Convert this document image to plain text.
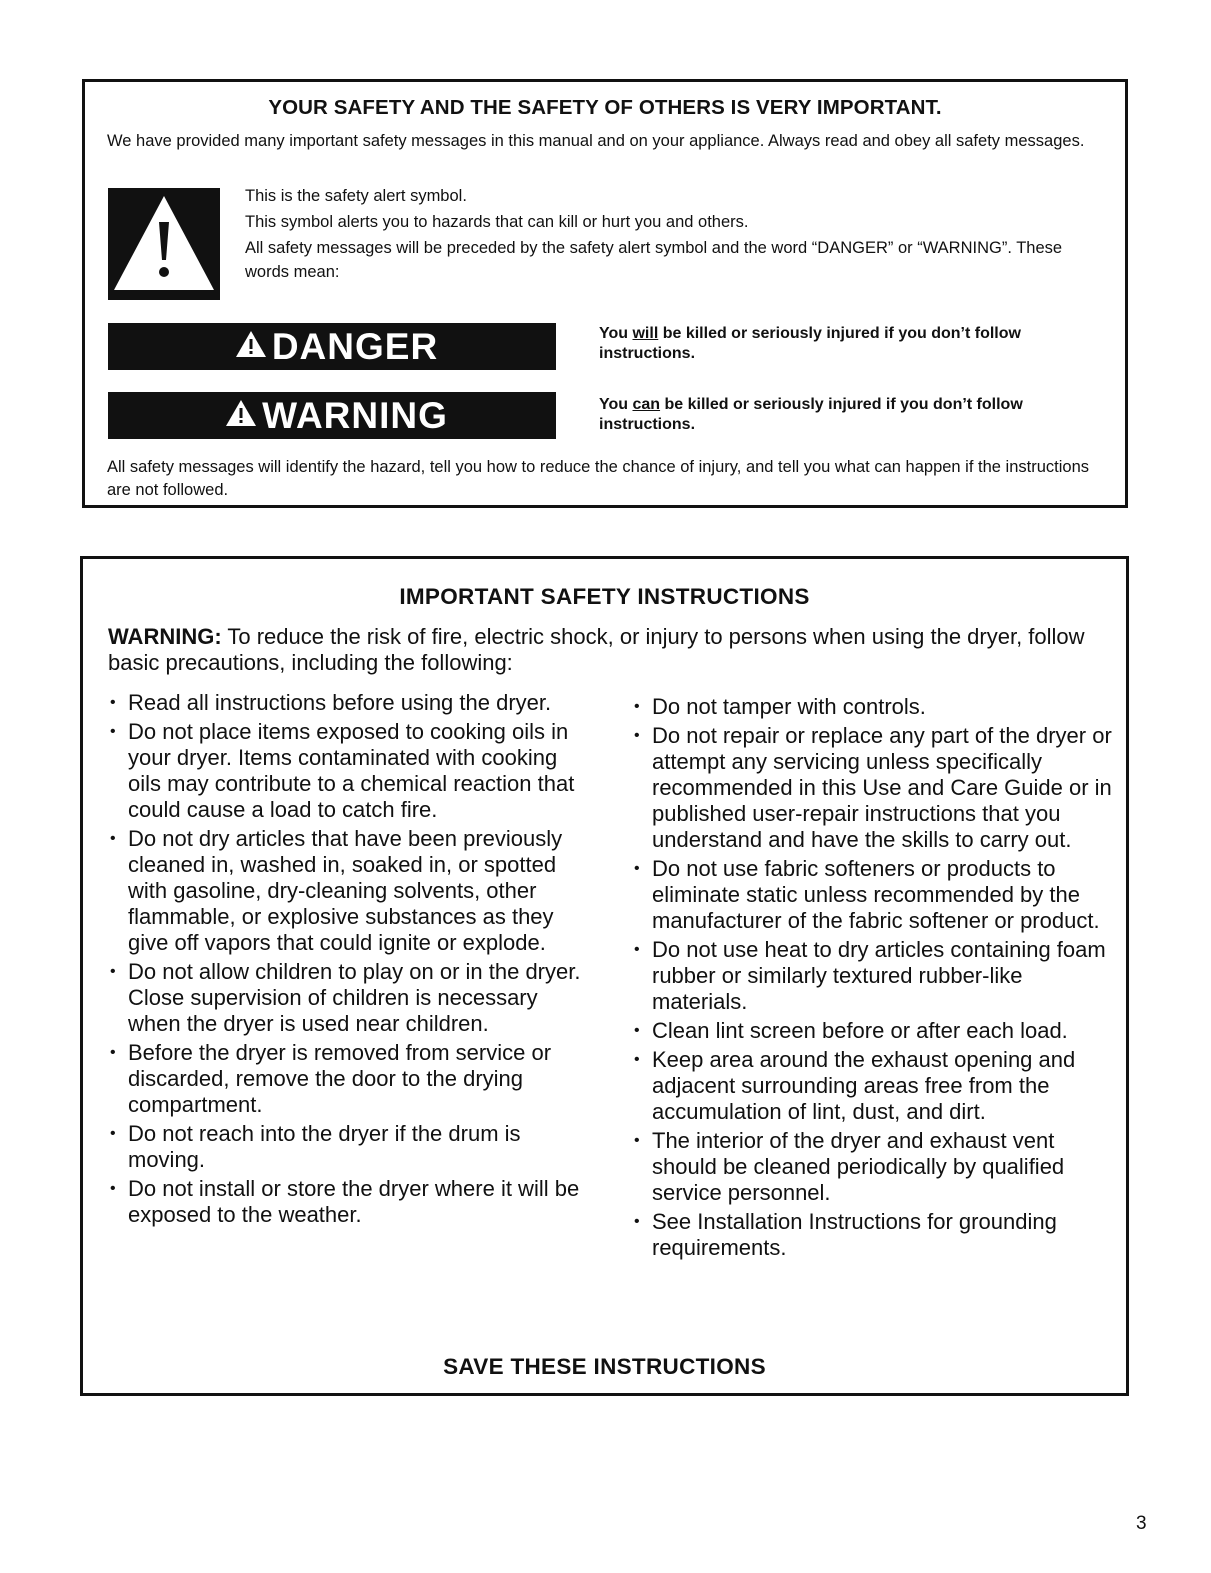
YOUR SAFETY AND THE SAFETY OF OTHERS IS VERY IMPORTANT.

We have provided many important safety messages in this manual and on your appliance. Always read and obey all safety messages.

This is the safety alert symbol.

This symbol alerts you to hazards that can kill or hurt you and others.

All safety messages will be preceded by the safety alert symbol and the word “DANGER” or “WARNING”. These words mean:

DANGER	You will be killed or seriously injured if you don’t follow instructions.

WARNING	You can be killed or seriously injured if you don’t follow instructions.

All safety messages will identify the hazard, tell you how to reduce the chance of injury, and tell you what can happen if the instructions are not followed.

IMPORTANT SAFETY INSTRUCTIONS

WARNING: To reduce the risk of fire, electric shock, or injury to persons when using the dryer, follow basic precautions, including the following:

• Read all instructions before using the dryer.
• Do not place items exposed to cooking oils in your dryer. Items contaminated with cooking oils may contribute to a chemical reaction that could cause a load to catch fire.
• Do not dry articles that have been previously cleaned in, washed in, soaked in, or spotted with gasoline, dry-cleaning solvents, other flammable, or explosive substances as they give off vapors that could ignite or explode.
• Do not allow children to play on or in the dryer. Close supervision of children is necessary when the dryer is used near children.
• Before the dryer is removed from service or discarded, remove the door to the drying compartment.
• Do not reach into the dryer if the drum is moving.
• Do not install or store the dryer where it will be exposed to the weather.
• Do not tamper with controls.
• Do not repair or replace any part of the dryer or attempt any servicing unless specifically recommended in this Use and Care Guide or in published user-repair instructions that you understand and have the skills to carry out.
• Do not use fabric softeners or products to eliminate static unless recommended by the manufacturer of the fabric softener or product.
• Do not use heat to dry articles containing foam rubber or similarly textured rubber-like materials.
• Clean lint screen before or after each load.
• Keep area around the exhaust opening and adjacent surrounding areas free from the accumulation of lint, dust, and dirt.
• The interior of the dryer and exhaust vent should be cleaned periodically by qualified service personnel.
• See Installation Instructions for grounding requirements.

SAVE THESE INSTRUCTIONS

3
